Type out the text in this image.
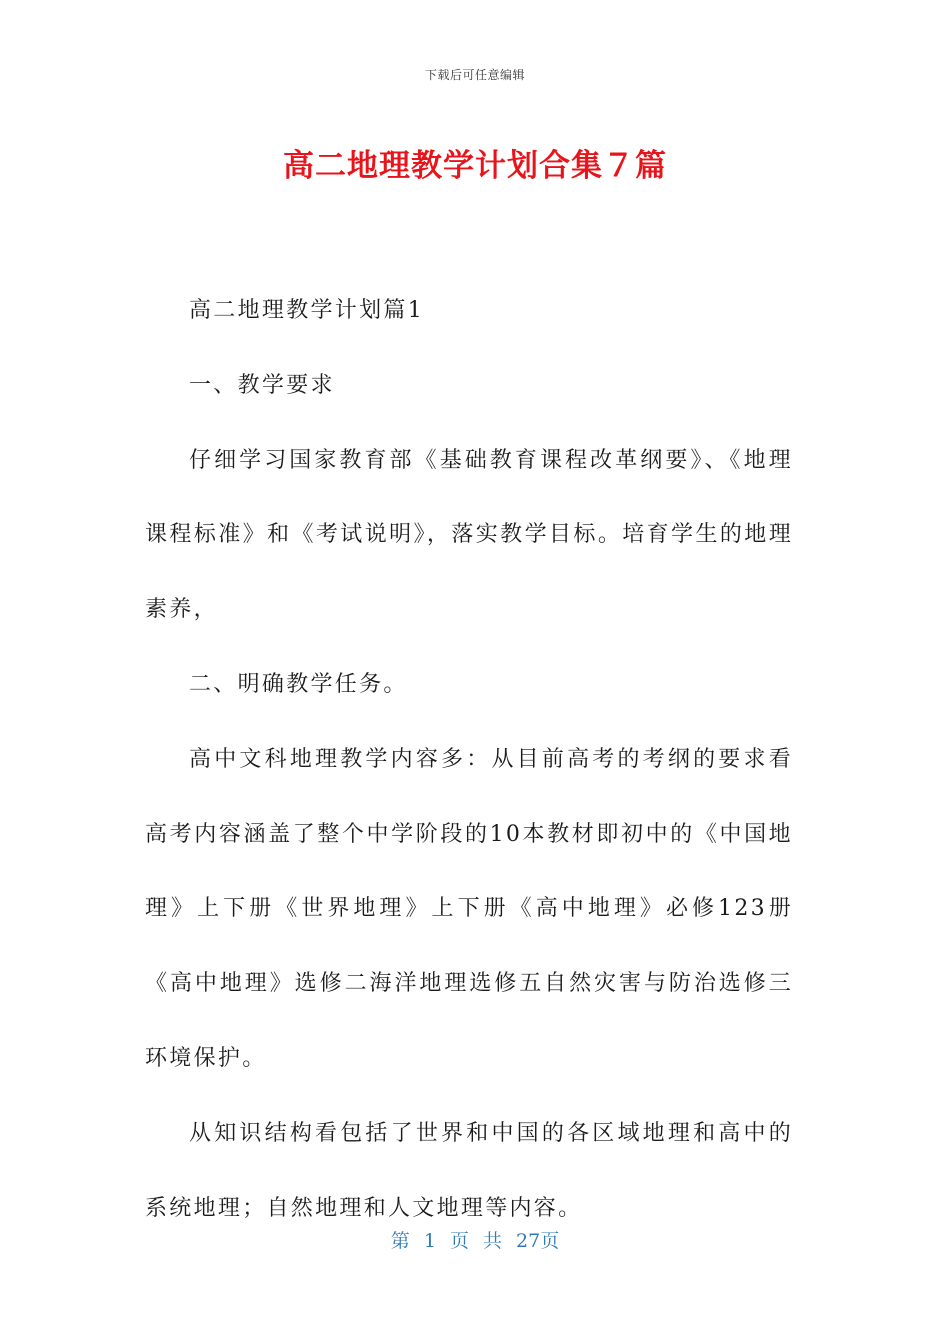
下载后可任意编辑
高二地理教学计划合集７篇

高二地理教学计划篇1

一、教学要求

仔细学习国家教育部《基础教育课程改革纲要》、《地理课程标准》和《考试说明》，落实教学目标。培育学生的地理素养，

二、明确教学任务。

高中文科地理教学内容多：从目前高考的考纲的要求看高考内容涵盖了整个中学阶段的10本教材即初中的《中国地理》上下册《世界地理》上下册《高中地理》必修123册《高中地理》选修二海洋地理选修五自然灾害与防治选修三环境保护。

从知识结构看包括了世界和中国的各区域地理和高中的系统地理；自然地理和人文地理等内容。

第 1 页 共 27页
